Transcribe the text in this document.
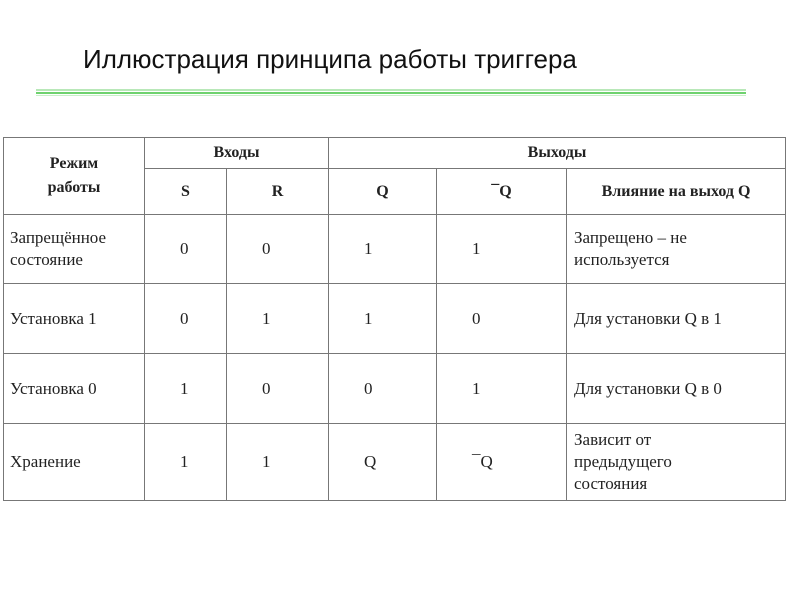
Иллюстрация принципа работы триггера
Режим работы	Входы		Выходы		
	S	R	Q	¯Q	Влияние на выход Q
Запрещённое состояние	0	0	1	1	Запрещено – не используется

Установка 1	0	1	1	0	Для установки Q в 1
Установка 0	1	0	0	1	Для установки Q в 0
Хранение	1	1	Q	¯Q	Зависит от предыдущего состояния
